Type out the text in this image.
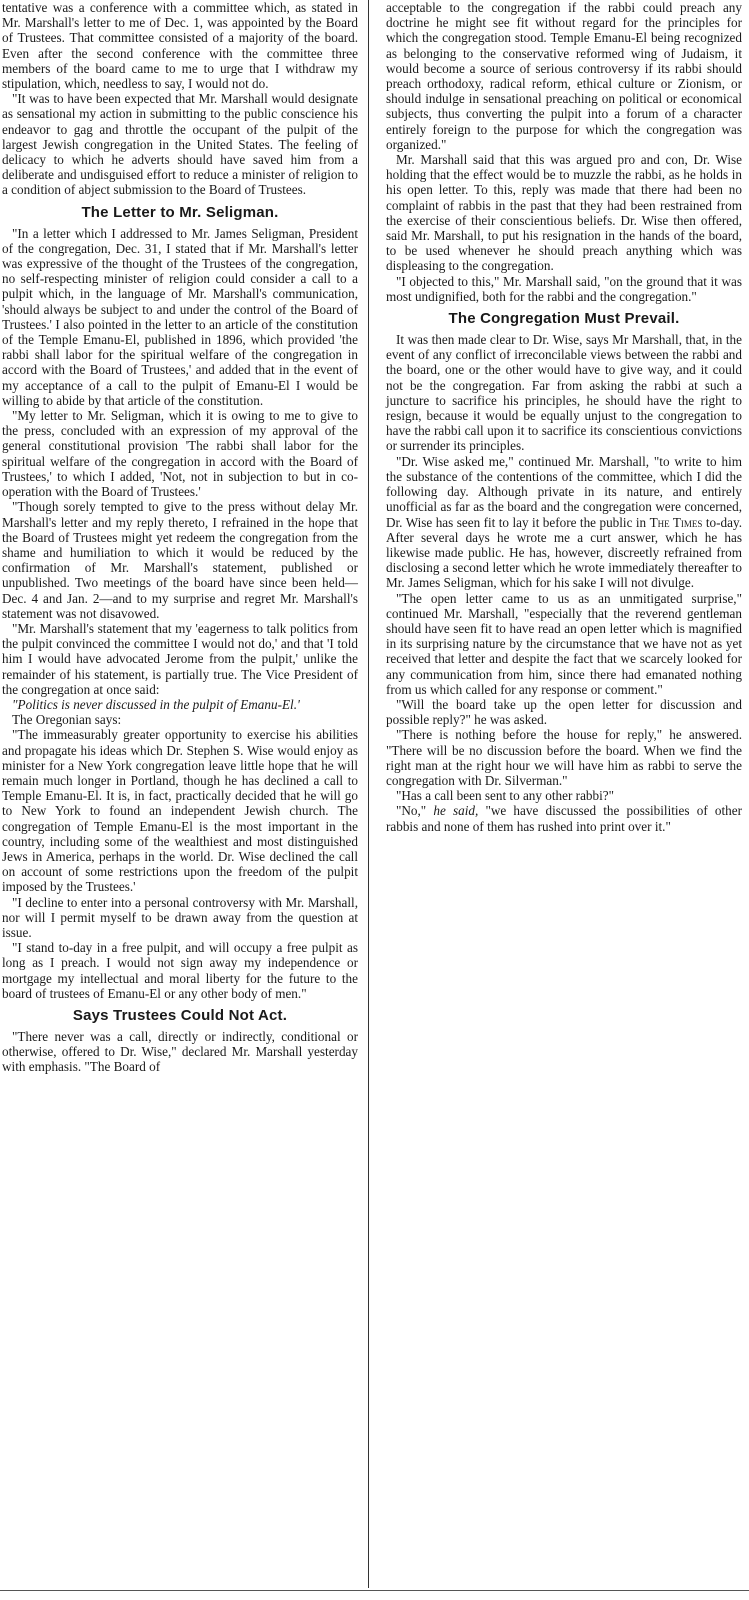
tentative was a conference with a committee which, as stated in Mr. Marshall's letter to me of Dec. 1, was appointed by the Board of Trustees. That committee consisted of a majority of the board. Even after the second conference with the committee three members of the board came to me to urge that I withdraw my stipulation, which, needless to say, I would not do.

"It was to have been expected that Mr. Marshall would designate as sensational my action in submitting to the public conscience his endeavor to gag and throttle the occupant of the pulpit of the largest Jewish congregation in the United States. The feeling of delicacy to which he adverts should have saved him from a deliberate and undisguised effort to reduce a minister of religion to a condition of abject submission to the Board of Trustees.

The Letter to Mr. Seligman.

"In a letter which I addressed to Mr. James Seligman, President of the congregation, Dec. 31, I stated that if Mr. Marshall's letter was expressive of the thought of the Trustees of the congregation, no self-respecting minister of religion could consider a call to a pulpit which, in the language of Mr. Marshall's communication, 'should always be subject to and under the control of the Board of Trustees.' I also pointed in the letter to an article of the constitution of the Temple Emanu-El, published in 1896, which provided 'the rabbi shall labor for the spiritual welfare of the congregation in accord with the Board of Trustees,' and added that in the event of my acceptance of a call to the pulpit of Emanu-El I would be willing to abide by that article of the constitution.

"My letter to Mr. Seligman, which it is owing to me to give to the press, concluded with an expression of my approval of the general constitutional provision 'The rabbi shall labor for the spiritual welfare of the congregation in accord with the Board of Trustees,' to which I added, 'Not, not in subjection to but in co-operation with the Board of Trustees.'

"Though sorely tempted to give to the press without delay Mr. Marshall's letter and my reply thereto, I refrained in the hope that the Board of Trustees might yet redeem the congregation from the shame and humiliation to which it would be reduced by the confirmation of Mr. Marshall's statement, published or unpublished. Two meetings of the board have since been held—Dec. 4 and Jan. 2—and to my surprise and regret Mr. Marshall's statement was not disavowed.

"Mr. Marshall's statement that my 'eagerness to talk politics from the pulpit convinced the committee I would not do,' and that 'I told him I would have advocated Jerome from the pulpit,' unlike the remainder of his statement, is partially true. The Vice President of the congregation at once said:

"Politics is never discussed in the pulpit of Emanu-El.'

The Oregonian says:

"The immeasurably greater opportunity to exercise his abilities and propagate his ideas which Dr. Stephen S. Wise would enjoy as minister for a New York congregation leave little hope that he will remain much longer in Portland, though he has declined a call to Temple Emanu-El. It is, in fact, practically decided that he will go to New York to found an independent Jewish church. The congregation of Temple Emanu-El is the most important in the country, including some of the wealthiest and most distinguished Jews in America, perhaps in the world. Dr. Wise declined the call on account of some restrictions upon the freedom of the pulpit imposed by the Trustees.'

"I decline to enter into a personal controversy with Mr. Marshall, nor will I permit myself to be drawn away from the question at issue.

"I stand to-day in a free pulpit, and will occupy a free pulpit as long as I preach. I would not sign away my independence or mortgage my intellectual and moral liberty for the future to the board of trustees of Emanu-El or any other body of men."

Says Trustees Could Not Act.

"There never was a call, directly or indirectly, conditional or otherwise, offered to Dr. Wise," declared Mr. Marshall yesterday with emphasis. "The Board of

acceptable to the congregation if the rabbi could preach any doctrine he might see fit without regard for the principles for which the congregation stood. Temple Emanu-El being recognized as belonging to the conservative reformed wing of Judaism, it would become a source of serious controversy if its rabbi should preach orthodoxy, radical reform, ethical culture or Zionism, or should indulge in sensational preaching on political or economical subjects, thus converting the pulpit into a forum of a character entirely foreign to the purpose for which the congregation was organized."

Mr. Marshall said that this was argued pro and con, Dr. Wise holding that the effect would be to muzzle the rabbi, as he holds in his open letter. To this, reply was made that there had been no complaint of rabbis in the past that they had been restrained from the exercise of their conscientious beliefs. Dr. Wise then offered, said Mr. Marshall, to put his resignation in the hands of the board, to be used whenever he should preach anything which was displeasing to the congregation.

"I objected to this," Mr. Marshall said, "on the ground that it was most undignified, both for the rabbi and the congregation."

The Congregation Must Prevail.

It was then made clear to Dr. Wise, says Mr Marshall, that, in the event of any conflict of irreconcilable views between the rabbi and the board, one or the other would have to give way, and it could not be the congregation. Far from asking the rabbi at such a juncture to sacrifice his principles, he should have the right to resign, because it would be equally unjust to the congregation to have the rabbi call upon it to sacrifice its conscientious convictions or surrender its principles.

"Dr. Wise asked me," continued Mr. Marshall, "to write to him the substance of the contentions of the committee, which I did the following day. Although private in its nature, and entirely unofficial as far as the board and the congregation were concerned, Dr. Wise has seen fit to lay it before the public in The Times to-day. After several days he wrote me a curt answer, which he has likewise made public. He has, however, discreetly refrained from disclosing a second letter which he wrote immediately thereafter to Mr. James Seligman, which for his sake I will not divulge.

"The open letter came to us as an unmitigated surprise," continued Mr. Marshall, "especially that the reverend gentleman should have seen fit to have read an open letter which is magnified in its surprising nature by the circumstance that we have not as yet received that letter and despite the fact that we scarcely looked for any communication from him, since there had emanated nothing from us which called for any response or comment."

"Will the board take up the open letter for discussion and possible reply?" he was asked.

"There is nothing before the house for reply," he answered. "There will be no discussion before the board. When we find the right man at the right hour we will have him as rabbi to serve the congregation with Dr. Silverman."

"Has a call been sent to any other rabbi?"

"No," he said, "we have discussed the possibilities of other rabbis and none of them has rushed into print over it."
